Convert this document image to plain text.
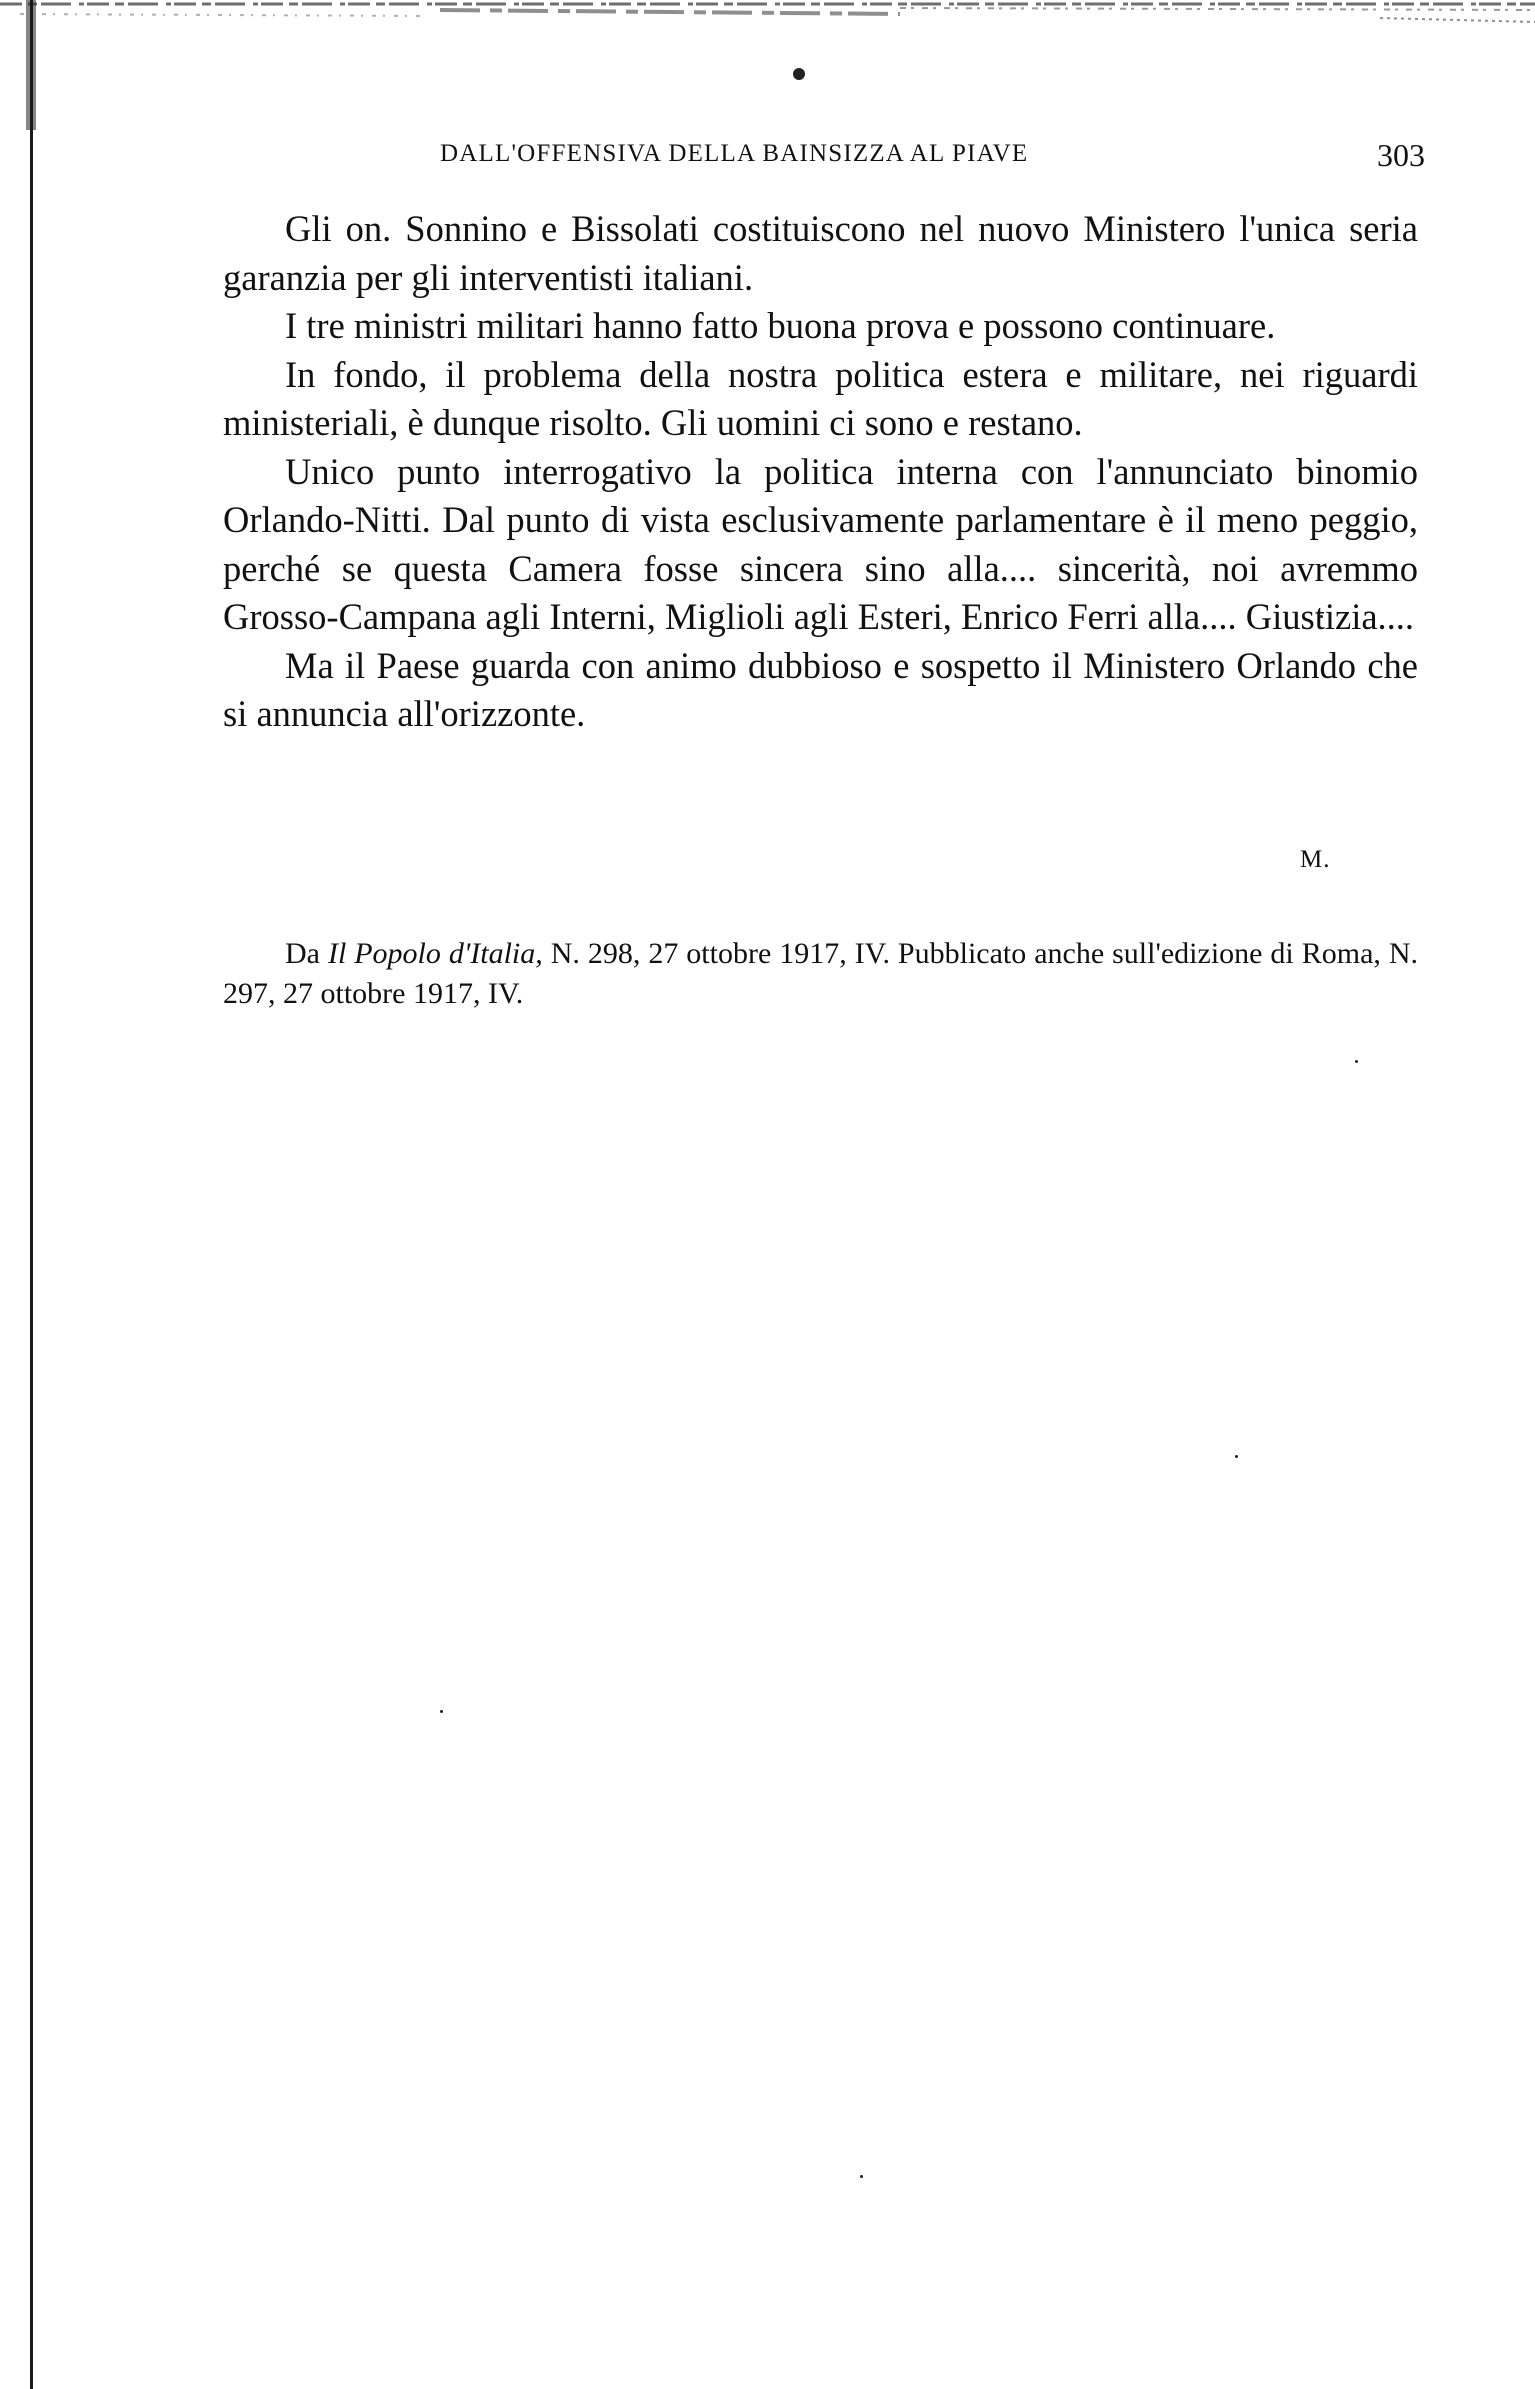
DALL'OFFENSIVA DELLA BAINSIZZA AL PIAVE	303

Gli on. Sonnino e Bissolati costituiscono nel nuovo Ministero l'unica seria garanzia per gli interventisti italiani.

I tre ministri militari hanno fatto buona prova e possono continuare.

In fondo, il problema della nostra politica estera e militare, nei riguardi ministeriali, è dunque risolto. Gli uomini ci sono e restano.

Unico punto interrogativo la politica interna con l'annunciato binomio Orlando-Nitti. Dal punto di vista esclusivamente parlamentare è il meno peggio, perché se questa Camera fosse sincera sino alla.... sincerità, noi avremmo Grosso-Campana agli Interni, Miglioli agli Esteri, Enrico Ferri alla.... Giustizia....

Ma il Paese guarda con animo dubbioso e sospetto il Ministero Orlando che si annuncia all'orizzonte.

M.

Da Il Popolo d'Italia, N. 298, 27 ottobre 1917, IV. Pubblicato anche sull'edizione di Roma, N. 297, 27 ottobre 1917, IV.
